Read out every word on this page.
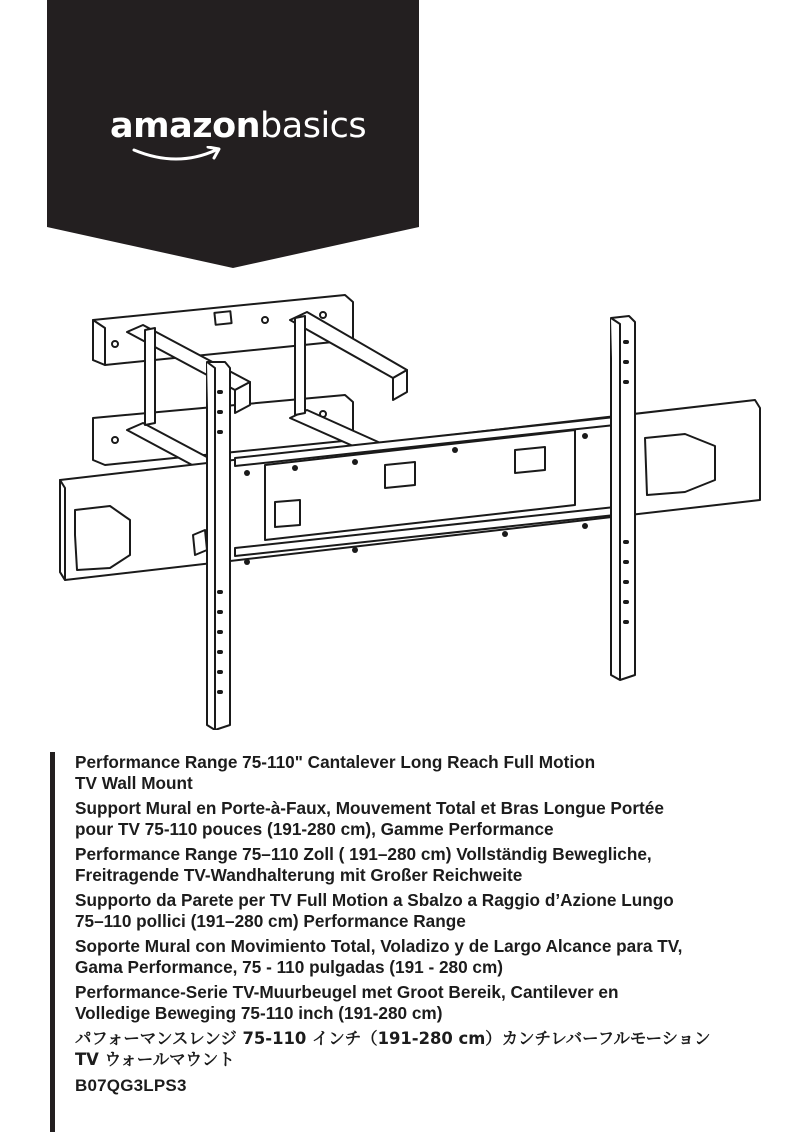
amazonbasics

Performance Range 75-110" Cantalever Long Reach Full Motion
TV Wall Mount

Support Mural en Porte-à-Faux, Mouvement Total et Bras Longue Portée
pour TV 75-110 pouces (191-280 cm), Gamme Performance

Performance Range 75–110 Zoll ( 191–280 cm) Vollständig Bewegliche,
Freitragende TV-Wandhalterung mit Großer Reichweite

Supporto da Parete per TV Full Motion a Sbalzo a Raggio d’Azione Lungo
75–110 pollici (191–280 cm) Performance Range

Soporte Mural con Movimiento Total, Voladizo y de Largo Alcance para TV,
Gama Performance, 75 - 110 pulgadas (191 - 280 cm)

Performance-Serie TV-Muurbeugel met Groot Bereik, Cantilever en
Volledige Beweging 75-110 inch (191-280 cm)

パフォーマンスレンジ 75-110 インチ（191-280 cm）カンチレバーフルモーション
TV ウォールマウント

B07QG3LPS3
